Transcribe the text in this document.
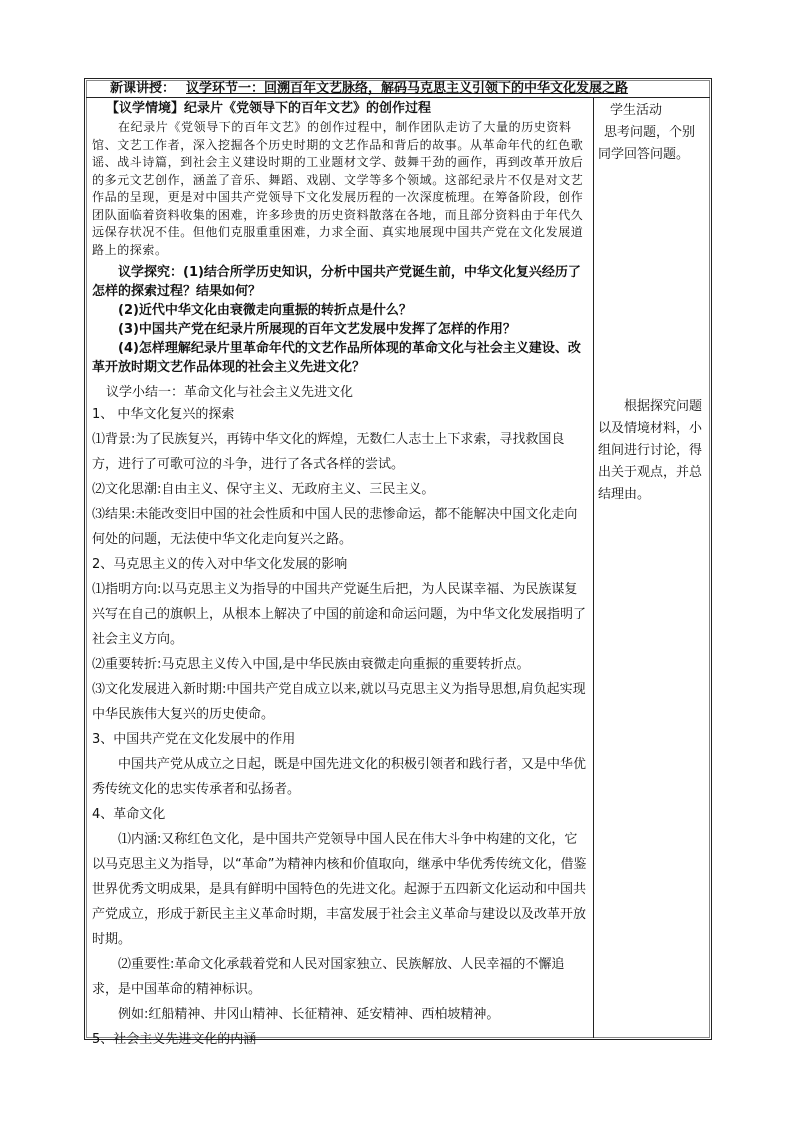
新课讲授： 议学环节一：回溯百年文艺脉络，解码马克思主义引领下的中华文化发展之路

【议学情境】纪录片《党领导下的百年文艺》的创作过程

在纪录片《党领导下的百年文艺》的创作过程中，制作团队走访了大量的历史资料馆、文艺工作者，深入挖掘各个历史时期的文艺作品和背后的故事。从革命年代的红色歌谣、战斗诗篇，到社会主义建设时期的工业题材文学、鼓舞干劲的画作，再到改革开放后的多元文艺创作，涵盖了音乐、舞蹈、戏剧、文学等多个领域。这部纪录片不仅是对文艺作品的呈现，更是对中国共产党领导下文化发展历程的一次深度梳理。在筹备阶段，创作团队面临着资料收集的困难，许多珍贵的历史资料散落在各地，而且部分资料由于年代久远保存状况不佳。但他们克服重重困难，力求全面、真实地展现中国共产党在文化发展道路上的探索。

议学探究：(1)结合所学历史知识，分析中国共产党诞生前，中华文化复兴经历了怎样的探索过程？结果如何？

(2)近代中华文化由衰微走向重振的转折点是什么？

(3)中国共产党在纪录片所展现的百年文艺发展中发挥了怎样的作用？

(4)怎样理解纪录片里革命年代的文艺作品所体现的革命文化与社会主义建设、改革开放时期文艺作品体现的社会主义先进文化？

议学小结一：革命文化与社会主义先进文化

1、 中华文化复兴的探索

⑴背景:为了民族复兴，再铸中华文化的辉煌，无数仁人志士上下求索，寻找救国良方，进行了可歌可泣的斗争，进行了各式各样的尝试。

⑵文化思潮:自由主义、保守主义、无政府主义、三民主义。

⑶结果:未能改变旧中国的社会性质和中国人民的悲惨命运，都不能解决中国文化走向何处的问题，无法使中华文化走向复兴之路。

2、马克思主义的传入对中华文化发展的影响

⑴指明方向:以马克思主义为指导的中国共产党诞生后把，为人民谋幸福、为民族谋复兴写在自己的旗帜上，从根本上解决了中国的前途和命运问题，为中华文化发展指明了社会主义方向。

⑵重要转折:马克思主义传入中国,是中华民族由衰微走向重振的重要转折点。

⑶文化发展进入新时期:中国共产党自成立以来,就以马克思主义为指导思想,肩负起实现中华民族伟大复兴的历史使命。

3、中国共产党在文化发展中的作用

中国共产党从成立之日起，既是中国先进文化的积极引领者和践行者，又是中华优秀传统文化的忠实传承者和弘扬者。

4、革命文化

⑴内涵:又称红色文化，是中国共产党领导中国人民在伟大斗争中构建的文化，它以马克思主义为指导，以“革命”为精神内核和价值取向，继承中华优秀传统文化，借鉴世界优秀文明成果，是具有鲜明中国特色的先进文化。起源于五四新文化运动和中国共产党成立，形成于新民主主义革命时期，丰富发展于社会主义革命与建设以及改革开放时期。

⑵重要性:革命文化承载着党和人民对国家独立、民族解放、人民幸福的不懈追求，是中国革命的精神标识。

例如:红船精神、井冈山精神、长征精神、延安精神、西柏坡精神。

5、社会主义先进文化的内涵

学生活动

思考问题，个别同学回答问题。

根据探究问题以及情境材料，小组间进行讨论，得出关于观点，并总结理由。
